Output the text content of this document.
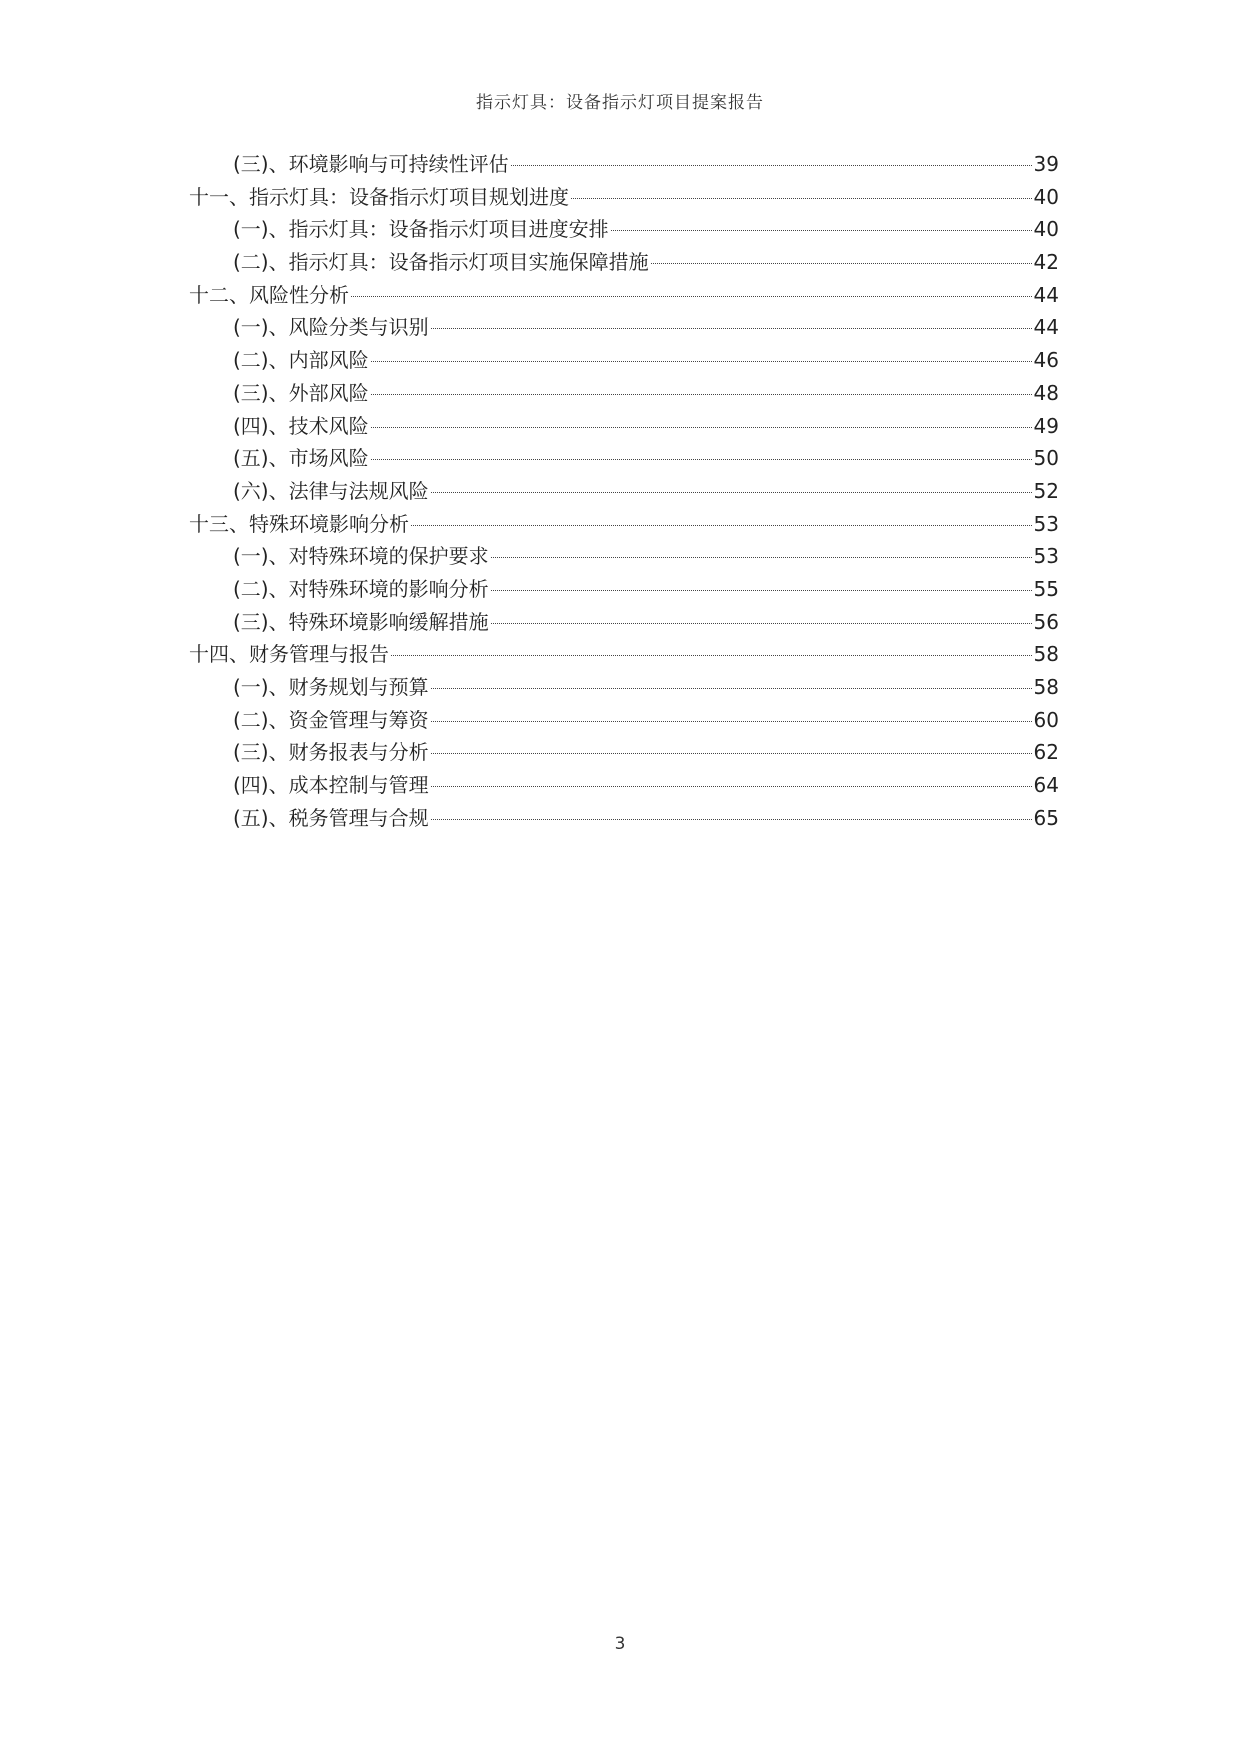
指示灯具：设备指示灯项目提案报告
(三)、环境影响与可持续性评估	39
十一、指示灯具：设备指示灯项目规划进度	40
(一)、指示灯具：设备指示灯项目进度安排	40
(二)、指示灯具：设备指示灯项目实施保障措施	42
十二、风险性分析	44
(一)、风险分类与识别	44
(二)、内部风险	46
(三)、外部风险	48
(四)、技术风险	49
(五)、市场风险	50
(六)、法律与法规风险	52
十三、特殊环境影响分析	53
(一)、对特殊环境的保护要求	53
(二)、对特殊环境的影响分析	55
(三)、特殊环境影响缓解措施	56
十四、财务管理与报告	58
(一)、财务规划与预算	58
(二)、资金管理与筹资	60
(三)、财务报表与分析	62
(四)、成本控制与管理	64
(五)、税务管理与合规	65
3
